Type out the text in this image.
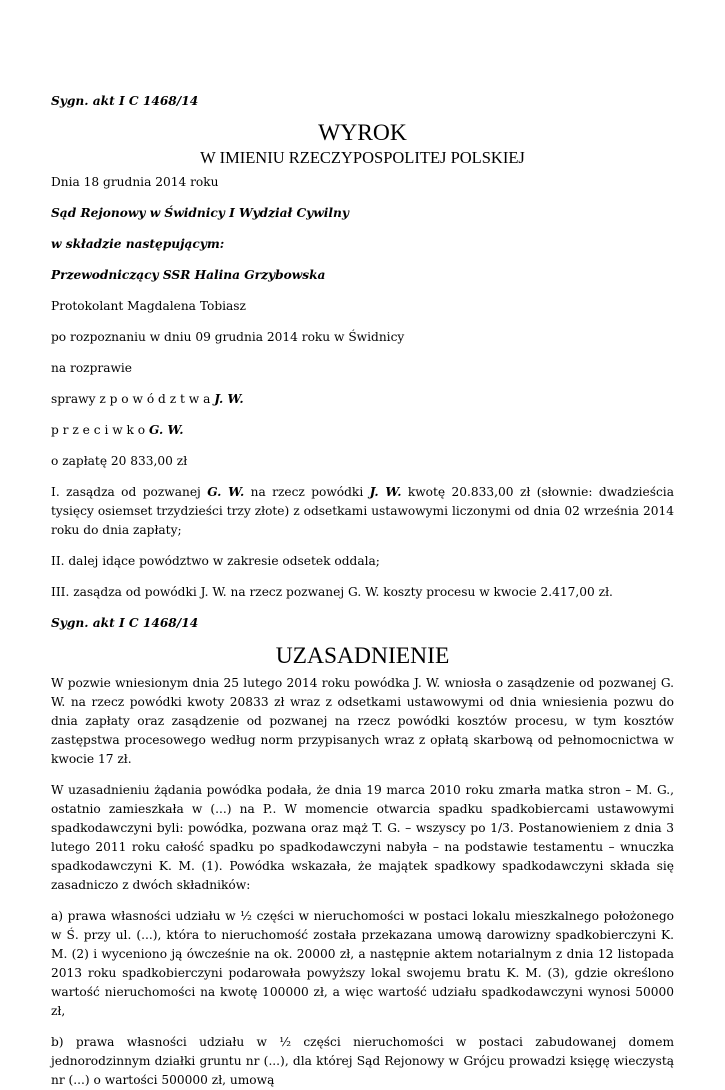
Sygn. akt I C 1468/14

WYROK
W IMIENIU RZECZYPOSPOLITEJ POLSKIEJ

Dnia 18 grudnia 2014 roku

Sąd Rejonowy w Świdnicy I Wydział Cywilny

w składzie następującym:

Przewodniczący SSR Halina Grzybowska

Protokolant Magdalena Tobiasz

po rozpoznaniu w dniu 09 grudnia 2014 roku w Świdnicy

na rozprawie

sprawy z p o w ó d z t w a J. W.

p r z e c i w k o G. W.

o zapłatę 20 833,00 zł

I. zasądza od pozwanej G. W. na rzecz powódki J. W. kwotę 20.833,00 zł (słownie: dwadzieścia tysięcy osiemset trzydzieści trzy złote) z odsetkami ustawowymi liczonymi od dnia 02 września 2014 roku do dnia zapłaty;

II. dalej idące powództwo w zakresie odsetek oddala;

III. zasądza od powódki J. W. na rzecz pozwanej G. W. koszty procesu w kwocie 2.417,00 zł.

Sygn. akt I C 1468/14

UZASADNIENIE

W pozwie wniesionym dnia 25 lutego 2014 roku powódka J. W. wniosła o zasądzenie od pozwanej G. W. na rzecz powódki kwoty 20833 zł wraz z odsetkami ustawowymi od dnia wniesienia pozwu do dnia zapłaty oraz zasądzenie od pozwanej na rzecz powódki kosztów procesu, w tym kosztów zastępstwa procesowego według norm przypisanych wraz z opłatą skarbową od pełnomocnictwa w kwocie 17 zł.

W uzasadnieniu żądania powódka podała, że dnia 19 marca 2010 roku zmarła matka stron – M. G., ostatnio zamieszkała w (...) na P.. W momencie otwarcia spadku spadkobiercami ustawowymi spadkodawczyni byli: powódka, pozwana oraz mąż T. G. – wszyscy po 1/3. Postanowieniem z dnia 3 lutego 2011 roku całość spadku po spadkodawczyni nabyła – na podstawie testamentu – wnuczka spadkodawczyni K. M. (1). Powódka wskazała, że majątek spadkowy spadkodawczyni składa się zasadniczo z dwóch składników:

a) prawa własności udziału w ½ części w nieruchomości w postaci lokalu mieszkalnego położonego w Ś. przy ul. (...), która to nieruchomość została przekazana umową darowizny spadkobierczyni K. M. (2) i wyceniono ją ówcześnie na ok. 20000 zł, a następnie aktem notarialnym z dnia 12 listopada 2013 roku spadkobierczyni podarowała powyższy lokal swojemu bratu K. M. (3), gdzie określono wartość nieruchomości na kwotę 100000 zł, a więc wartość udziału spadkodawczyni wynosi 50000 zł,

b) prawa własności udziału w ½ części nieruchomości w postaci zabudowanej domem jednorodzinnym działki gruntu nr (...), dla której Sąd Rejonowy w Grójcu prowadzi księgę wieczystą nr (...) o wartości 500000 zł, umową
